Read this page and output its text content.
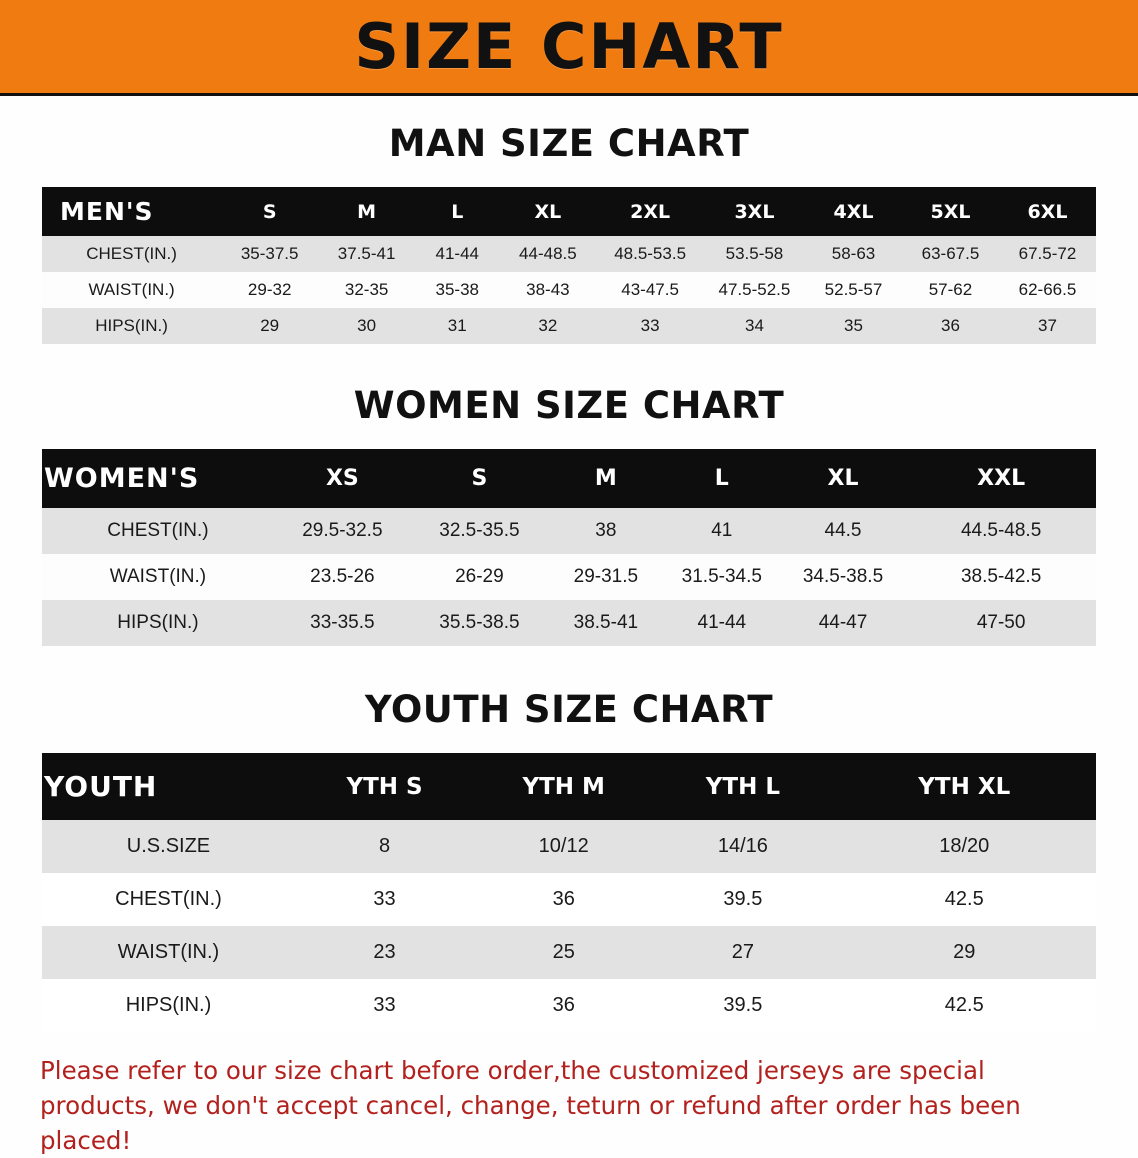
SIZE CHART
MAN SIZE CHART
MEN'S	S	M	L	XL	2XL	3XL	4XL	5XL	6XL
CHEST(IN.)	35-37.5	37.5-41	41-44	44-48.5	48.5-53.5	53.5-58	58-63	63-67.5	67.5-72
WAIST(IN.)	29-32	32-35	35-38	38-43	43-47.5	47.5-52.5	52.5-57	57-62	62-66.5
HIPS(IN.)	29	30	31	32	33	34	35	36	37
WOMEN SIZE CHART
WOMEN'S	XS	S	M	L	XL	XXL
CHEST(IN.)	29.5-32.5	32.5-35.5	38	41	44.5	44.5-48.5
WAIST(IN.)	23.5-26	26-29	29-31.5	31.5-34.5	34.5-38.5	38.5-42.5
HIPS(IN.)	33-35.5	35.5-38.5	38.5-41	41-44	44-47	47-50
YOUTH SIZE CHART
YOUTH	YTH S	YTH M	YTH L	YTH XL
U.S.SIZE	8	10/12	14/16	18/20
CHEST(IN.)	33	36	39.5	42.5
WAIST(IN.)	23	25	27	29
HIPS(IN.)	33	36	39.5	42.5
Please refer to our size chart before order,the customized jerseys are special products, we don't accept cancel, change, teturn or refund after order has been placed!
